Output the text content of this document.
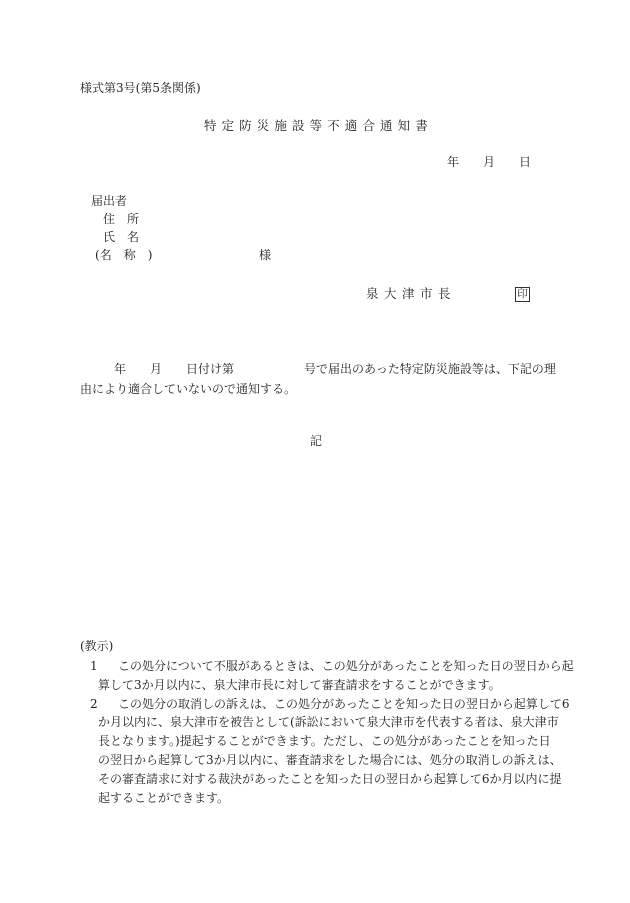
様式第3号(第5条関係)
特定防災施設等不適合通知書
年 月 日
届出者
住所
氏名
(名称)	様
泉大津市長	印
年 月 日付け第	号で届出のあった特定防災施設等は、下記の理
由により適合していないので通知する。
記
(教示)
1	この処分について不服があるときは、この処分があったことを知った日の翌日から起
算して3か月以内に、泉大津市長に対して審査請求をすることができます。
2	この処分の取消しの訴えは、この処分があったことを知った日の翌日から起算して6
か月以内に、泉大津市を被告として(訴訟において泉大津市を代表する者は、泉大津市
長となります。)提起することができます。ただし、この処分があったことを知った日
の翌日から起算して3か月以内に、審査請求をした場合には、処分の取消しの訴えは、
その審査請求に対する裁決があったことを知った日の翌日から起算して6か月以内に提
起することができます。
